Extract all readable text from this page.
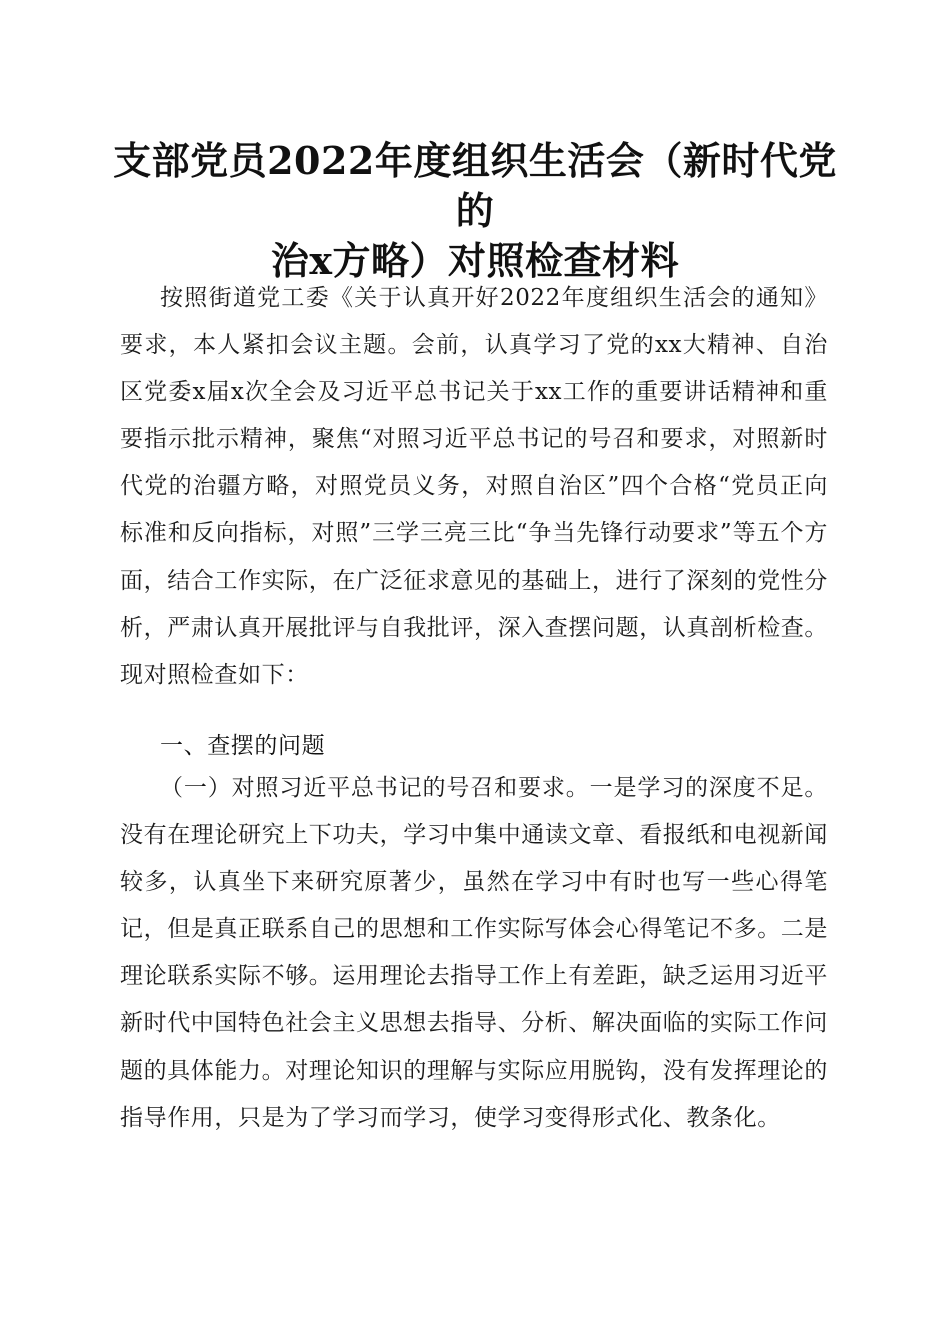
支部党员2022年度组织生活会（新时代党的
治x方略）对照检查材料

按照街道党工委《关于认真开好2022年度组织生活会的通知》要求，本人紧扣会议主题。会前，认真学习了党的xx大精神、自治区党委x届x次全会及习近平总书记关于xx工作的重要讲话精神和重要指示批示精神，聚焦“对照习近平总书记的号召和要求，对照新时代党的治疆方略，对照党员义务，对照自治区”四个合格“党员正向标准和反向指标，对照”三学三亮三比“争当先锋行动要求”等五个方面，结合工作实际，在广泛征求意见的基础上，进行了深刻的党性分析，严肃认真开展批评与自我批评，深入查摆问题，认真剖析检查。现对照检查如下：

一、查摆的问题

（一）对照习近平总书记的号召和要求。一是学习的深度不足。没有在理论研究上下功夫，学习中集中通读文章、看报纸和电视新闻较多，认真坐下来研究原著少，虽然在学习中有时也写一些心得笔记，但是真正联系自己的思想和工作实际写体会心得笔记不多。二是理论联系实际不够。运用理论去指导工作上有差距，缺乏运用习近平新时代中国特色社会主义思想去指导、分析、解决面临的实际工作问题的具体能力。对理论知识的理解与实际应用脱钩，没有发挥理论的指导作用，只是为了学习而学习，使学习变得形式化、教条化。
